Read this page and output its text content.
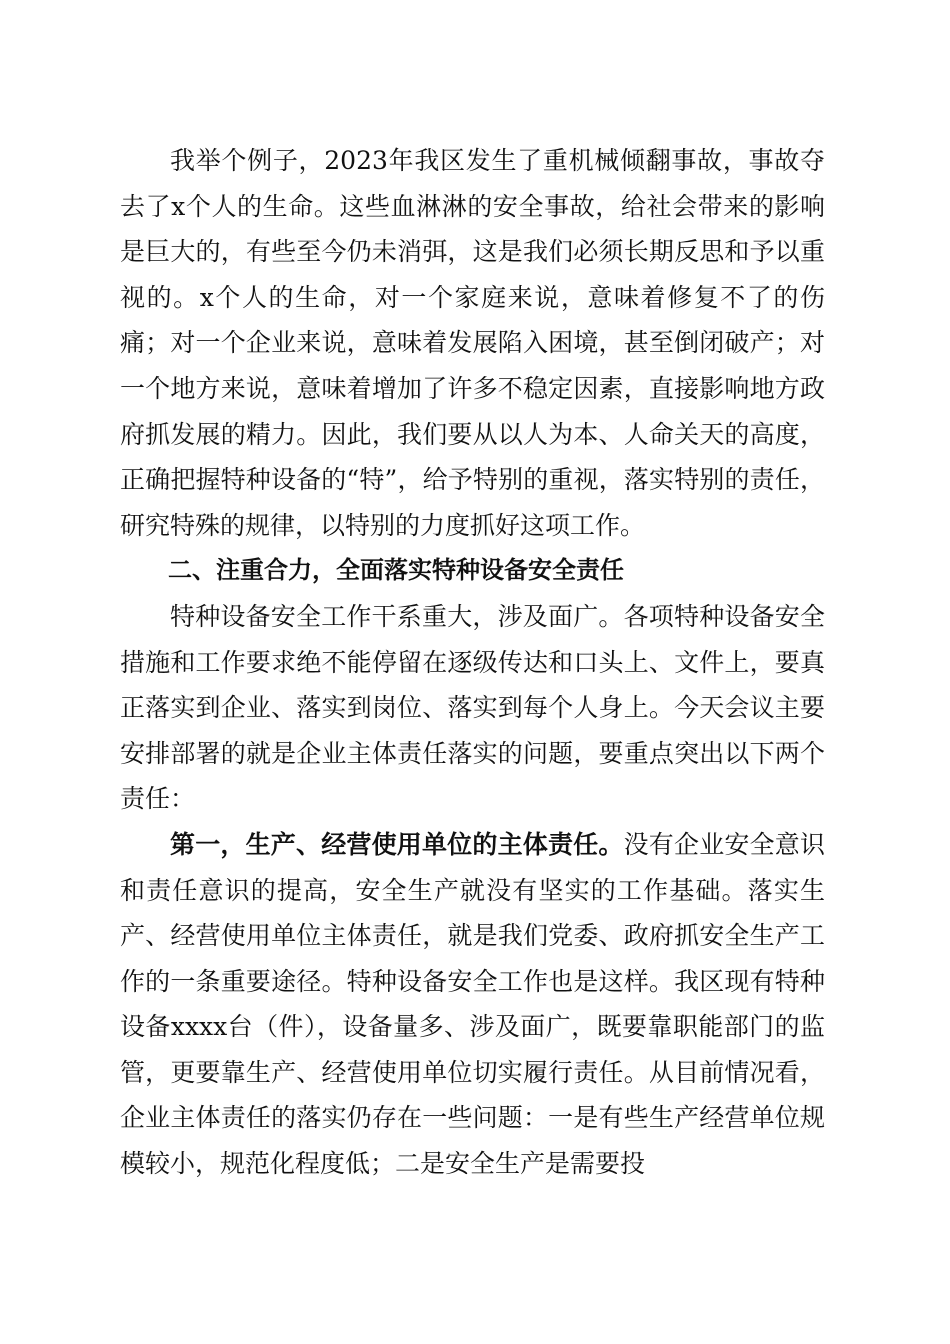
我举个例子，2023年我区发生了重机械倾翻事故，事故夺去了x个人的生命。这些血淋淋的安全事故，给社会带来的影响是巨大的，有些至今仍未消弭，这是我们必须长期反思和予以重视的。x个人的生命，对一个家庭来说，意味着修复不了的伤痛；对一个企业来说，意味着发展陷入困境，甚至倒闭破产；对一个地方来说，意味着增加了许多不稳定因素，直接影响地方政府抓发展的精力。因此，我们要从以人为本、人命关天的高度，正确把握特种设备的“特”，给予特别的重视，落实特别的责任，研究特殊的规律，以特别的力度抓好这项工作。

二、注重合力，全面落实特种设备安全责任

特种设备安全工作干系重大，涉及面广。各项特种设备安全措施和工作要求绝不能停留在逐级传达和口头上、文件上，要真正落实到企业、落实到岗位、落实到每个人身上。今天会议主要安排部署的就是企业主体责任落实的问题，要重点突出以下两个责任：

第一，生产、经营使用单位的主体责任。没有企业安全意识和责任意识的提高，安全生产就没有坚实的工作基础。落实生产、经营使用单位主体责任，就是我们党委、政府抓安全生产工作的一条重要途径。特种设备安全工作也是这样。我区现有特种设备xxxx台（件），设备量多、涉及面广，既要靠职能部门的监管，更要靠生产、经营使用单位切实履行责任。从目前情况看，企业主体责任的落实仍存在一些问题：一是有些生产经营单位规模较小，规范化程度低；二是安全生产是需要投
